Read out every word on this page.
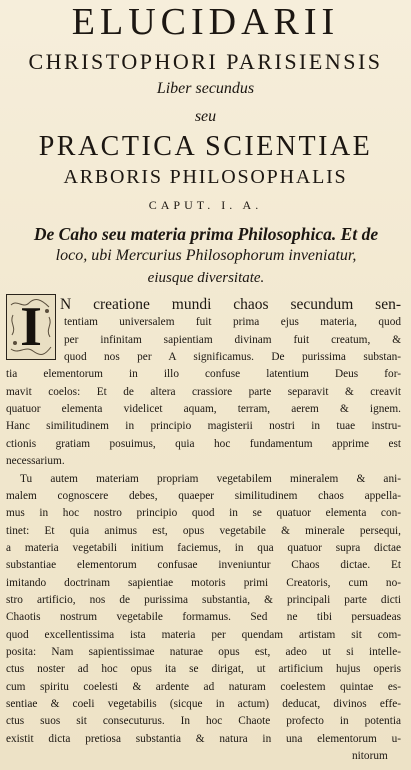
ELUCIDARII
CHRISTOPHORI PARISIENSIS
Liber secundus
seu
PRACTICA SCIENTIAE
ARBORIS PHILOSOPHALIS
CAPUT. I. A.
De Caho seu materia prima Philosophica. Et de
loco, ubi Mercurius Philosophorum inveniatur,
eiusque diversitate.
I	N creatione mundi chaos secundum sen-
tentiam universalem fuit prima ejus materia, quod
per infinitam sapientiam divinam fuit creatum, &
quod nos per A significamus. De purissima substan-
tia elementorum in illo confuse latentium Deus for-
mavit coelos: Et de altera crassiore parte separavit & creavit
quatuor elementa videlicet aquam, terram, aerem & ignem.
Hanc similitudinem in principio magisterii nostri in tuae instru-
ctionis gratiam posuimus, quia hoc fundamentum apprime est
necessarium.
Tu autem materiam propriam vegetabilem mineralem & ani-
malem cognoscere debes, quaeper similitudinem chaos appella-
mus in hoc nostro principio quod in se quatuor elementa con-
tinet: Et quia animus est, opus vegetabile & minerale persequi,
a materia vegetabili initium faciemus, in qua quatuor supra dictae
substantiae elementorum confusae inveniuntur Chaos dictae. Et
imitando doctrinam sapientiae motoris primi Creatoris, cum no-
stro artificio, nos de purissima substantia, & principali parte dicti
Chaotis nostrum vegetabile formamus. Sed ne tibi persuadeas
quod excellentissima ista materia per quendam artistam sit com-
posita: Nam sapientissimae naturae opus est, adeo ut si intelle-
ctus noster ad hoc opus ita se dirigat, ut artificium hujus operis
cum spiritu coelesti & ardente ad naturam coelestem quintae es-
sentiae & coeli vegetabilis (sicque in actum) deducat, divinos effe-
ctus suos sit consecuturus. In hoc Chaote profecto in potentia
existit dicta pretiosa substantia & natura in una elementorum u-
nitorum
